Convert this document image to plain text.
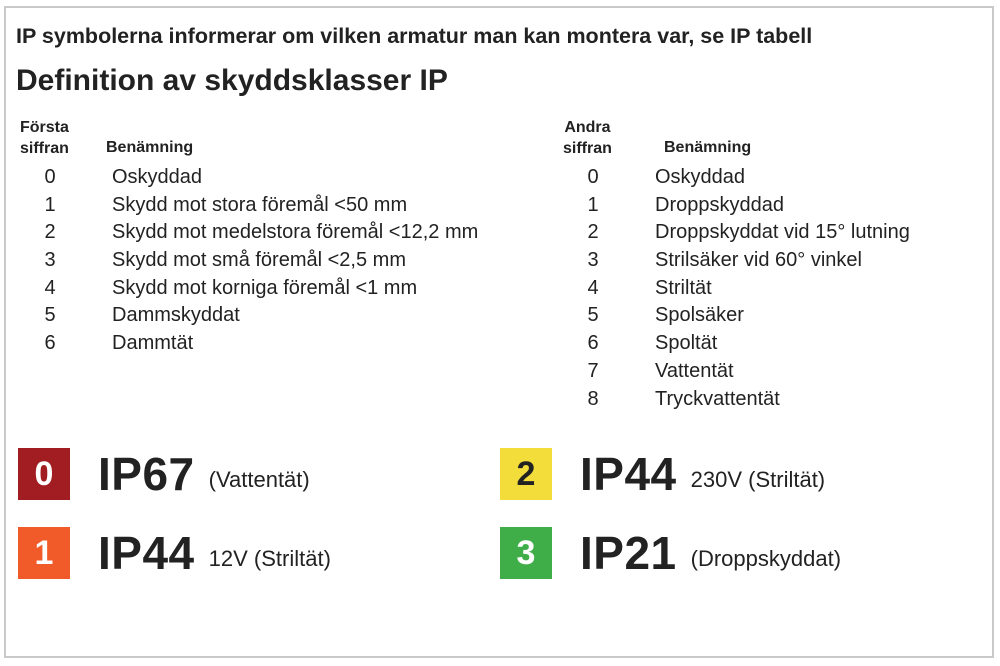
IP symbolerna informerar om vilken armatur man kan montera var, se IP tabell
Definition av skyddsklasser IP
Första
siffran Benämning
0	Oskyddad
1	Skydd mot stora föremål <50 mm
2	Skydd mot medelstora föremål <12,2 mm
3	Skydd mot små föremål <2,5 mm
4	Skydd mot korniga föremål <1 mm
5	Dammskyddat
6	Dammtät
Andra
siffran	Benämning
0	Oskyddad
1	Droppskyddad
2	Droppskyddat vid 15° lutning
3	Strilsäker vid 60° vinkel
4	Striltät
5	Spolsäker
6	Spoltät
7	Vattentät
8	Tryckvattentät
0 IP67 (Vattentät)
1 IP44 12V (Striltät)
2 IP44 230V (Striltät)
3 IP21 (Droppskyddat)
